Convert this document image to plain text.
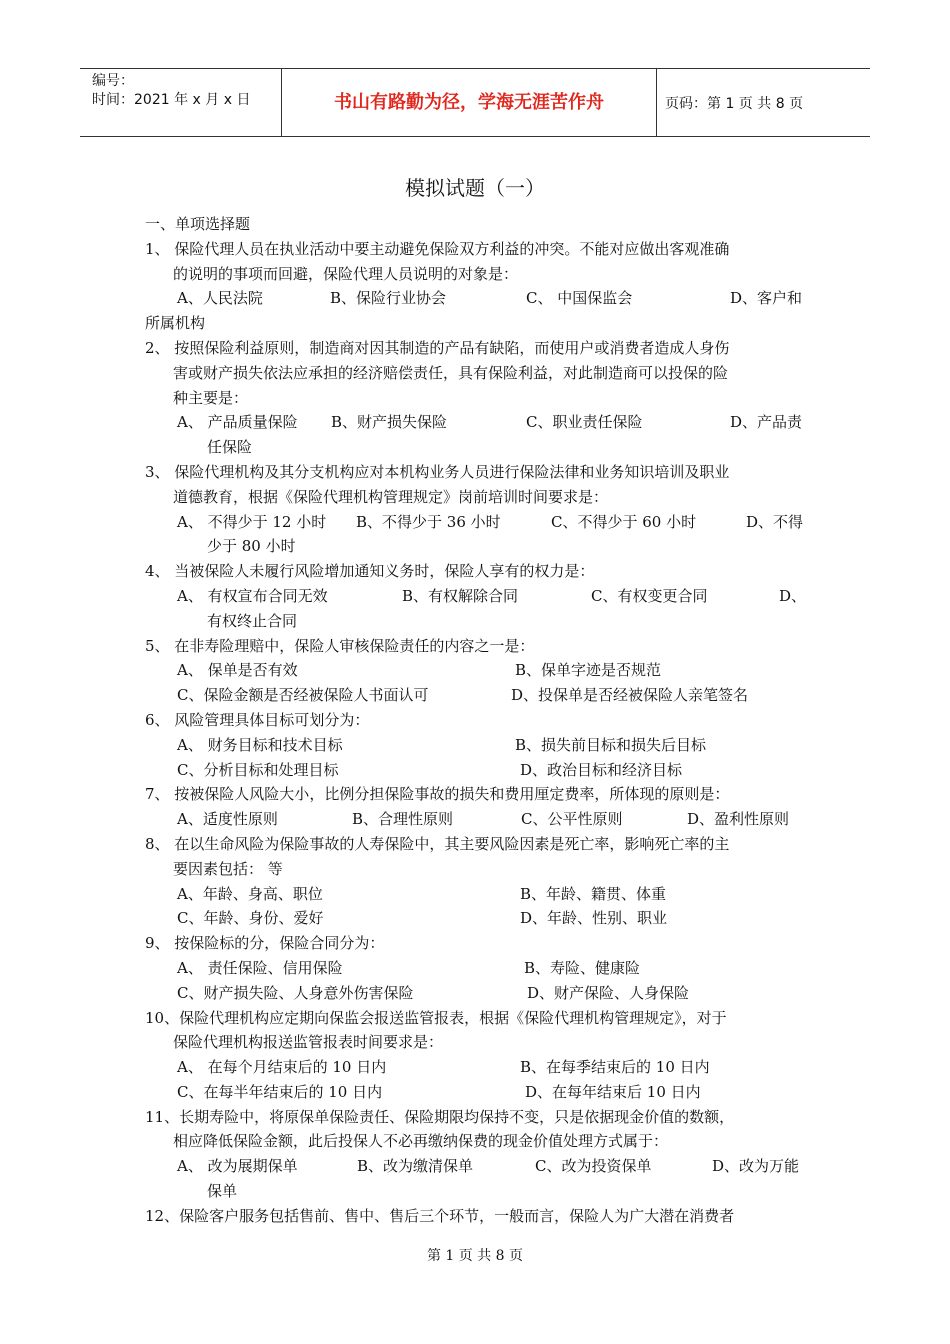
编号：
时间：2021 年 x 月 x 日	书山有路勤为径，学海无涯苦作舟	页码：第 1 页 共 8 页
模拟试题（一）
一、单项选择题
1、 保险代理人员在执业活动中要主动避免保险双方利益的冲突。不能对应做出客观准确
的说明的事项而回避，保险代理人员说明的对象是：
A、人民法院	B、保险行业协会	C、 中国保监会	D、客户和
所属机构
2、 按照保险利益原则，制造商对因其制造的产品有缺陷，而使用户或消费者造成人身伤
害或财产损失依法应承担的经济赔偿责任，具有保险利益，对此制造商可以投保的险
种主要是：
A、 产品质量保险 B、财产损失保险	C、职业责任保险	D、产品责
任保险
3、 保险代理机构及其分支机构应对本机构业务人员进行保险法律和业务知识培训及职业
道德教育，根据《保险代理机构管理规定》岗前培训时间要求是：
A、 不得少于 12 小时 B、不得少于 36 小时	C、不得少于 60 小时	D、不得
少于 80 小时
4、 当被保险人未履行风险增加通知义务时，保险人享有的权力是：
A、 有权宣布合同无效	B、有权解除合同	C、有权变更合同	D、
有权终止合同
5、 在非寿险理赔中，保险人审核保险责任的内容之一是：
A、 保单是否有效	B、保单字迹是否规范
C、保险金额是否经被保险人书面认可	D、投保单是否经被保险人亲笔签名
6、 风险管理具体目标可划分为：
A、 财务目标和技术目标	B、损失前目标和损失后目标
C、分析目标和处理目标	D、政治目标和经济目标
7、 按被保险人风险大小，比例分担保险事故的损失和费用厘定费率，所体现的原则是：
A、适度性原则	B、合理性原则	C、公平性原则	D、盈利性原则
8、 在以生命风险为保险事故的人寿保险中，其主要风险因素是死亡率，影响死亡率的主
要因素包括： 等
A、年龄、身高、职位	B、年龄、籍贯、体重
C、年龄、身份、爱好	D、年龄、性别、职业
9、 按保险标的分，保险合同分为：
A、 责任保险、信用保险	B、寿险、健康险
C、财产损失险、人身意外伤害保险	D、财产保险、人身保险
10、保险代理机构应定期向保监会报送监管报表，根据《保险代理机构管理规定》，对于
保险代理机构报送监管报表时间要求是：
A、 在每个月结束后的 10 日内	B、在每季结束后的 10 日内
C、在每半年结束后的 10 日内	D、在每年结束后 10 日内
11、长期寿险中，将原保单保险责任、保险期限均保持不变，只是依据现金价值的数额，
相应降低保险金额，此后投保人不必再缴纳保费的现金价值处理方式属于：
A、 改为展期保单	B、改为缴清保单	C、改为投资保单	D、改为万能
保单
12、保险客户服务包括售前、售中、售后三个环节，一般而言，保险人为广大潜在消费者
第 1 页 共 8 页
